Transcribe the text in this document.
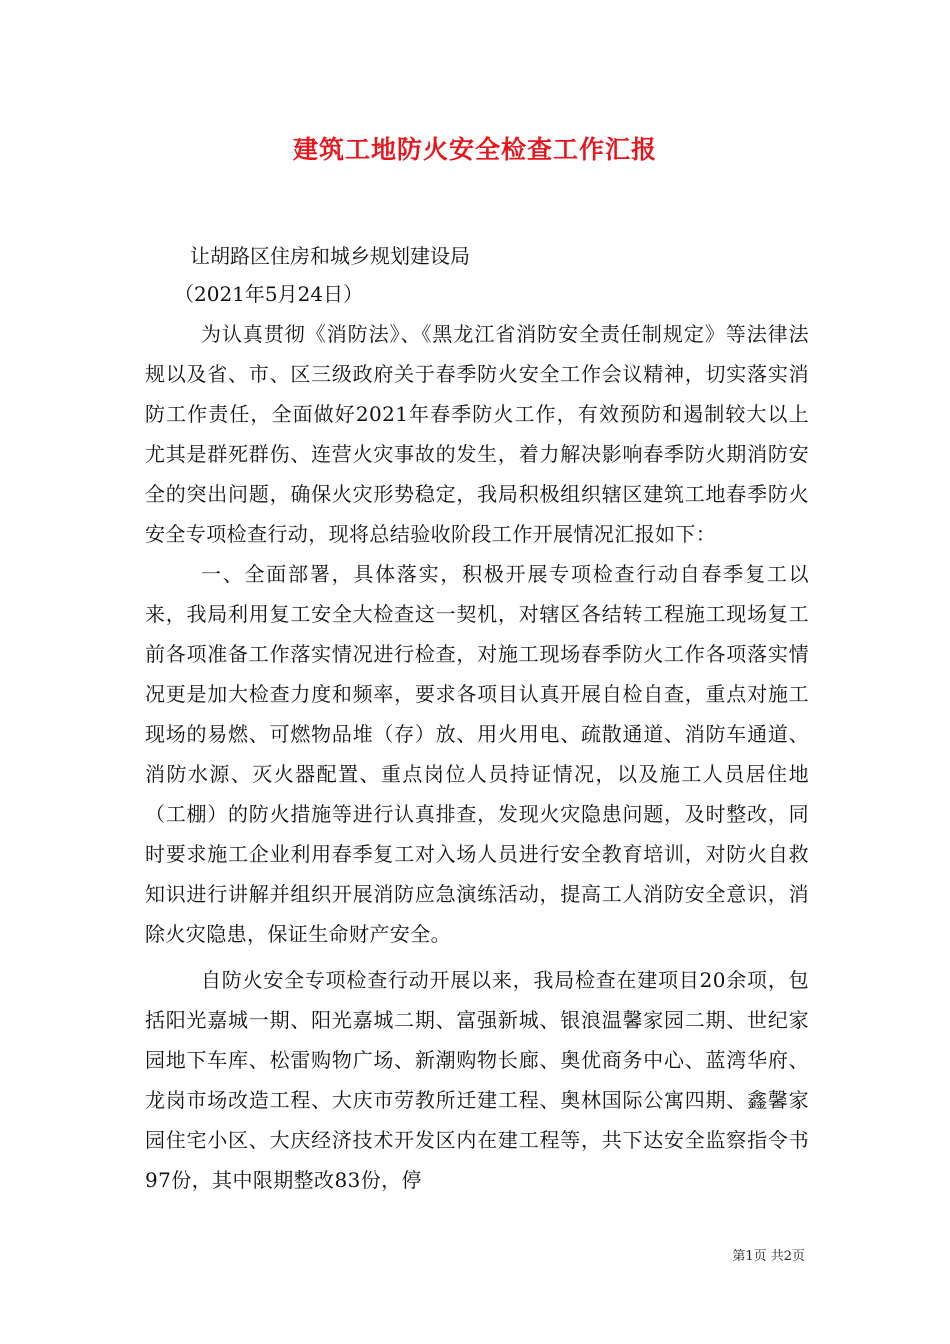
建筑工地防火安全检查工作汇报
让胡路区住房和城乡规划建设局
（2021年5月24日）

为认真贯彻《消防法》、《黑龙江省消防安全责任制规定》等法律法规以及省、市、区三级政府关于春季防火安全工作会议精神，切实落实消防工作责任，全面做好2021年春季防火工作，有效预防和遏制较大以上尤其是群死群伤、连营火灾事故的发生，着力解决影响春季防火期消防安全的突出问题，确保火灾形势稳定，我局积极组织辖区建筑工地春季防火安全专项检查行动，现将总结验收阶段工作开展情况汇报如下：

一、全面部署，具体落实，积极开展专项检查行动自春季复工以来，我局利用复工安全大检查这一契机，对辖区各结转工程施工现场复工前各项准备工作落实情况进行检查，对施工现场春季防火工作各项落实情况更是加大检查力度和频率，要求各项目认真开展自检自查，重点对施工现场的易燃、可燃物品堆（存）放、用火用电、疏散通道、消防车通道、消防水源、灭火器配置、重点岗位人员持证情况，以及施工人员居住地（工棚）的防火措施等进行认真排查，发现火灾隐患问题，及时整改，同时要求施工企业利用春季复工对入场人员进行安全教育培训，对防火自救知识进行讲解并组织开展消防应急演练活动，提高工人消防安全意识，消除火灾隐患，保证生命财产安全。

自防火安全专项检查行动开展以来，我局检查在建项目20余项，包括阳光嘉城一期、阳光嘉城二期、富强新城、银浪温馨家园二期、世纪家园地下车库、松雷购物广场、新潮购物长廊、奥优商务中心、蓝湾华府、龙岗市场改造工程、大庆市劳教所迁建工程、奥林国际公寓四期、鑫馨家园住宅小区、大庆经济技术开发区内在建工程等，共下达安全监察指令书97份，其中限期整改83份，停

第1页 共2页
